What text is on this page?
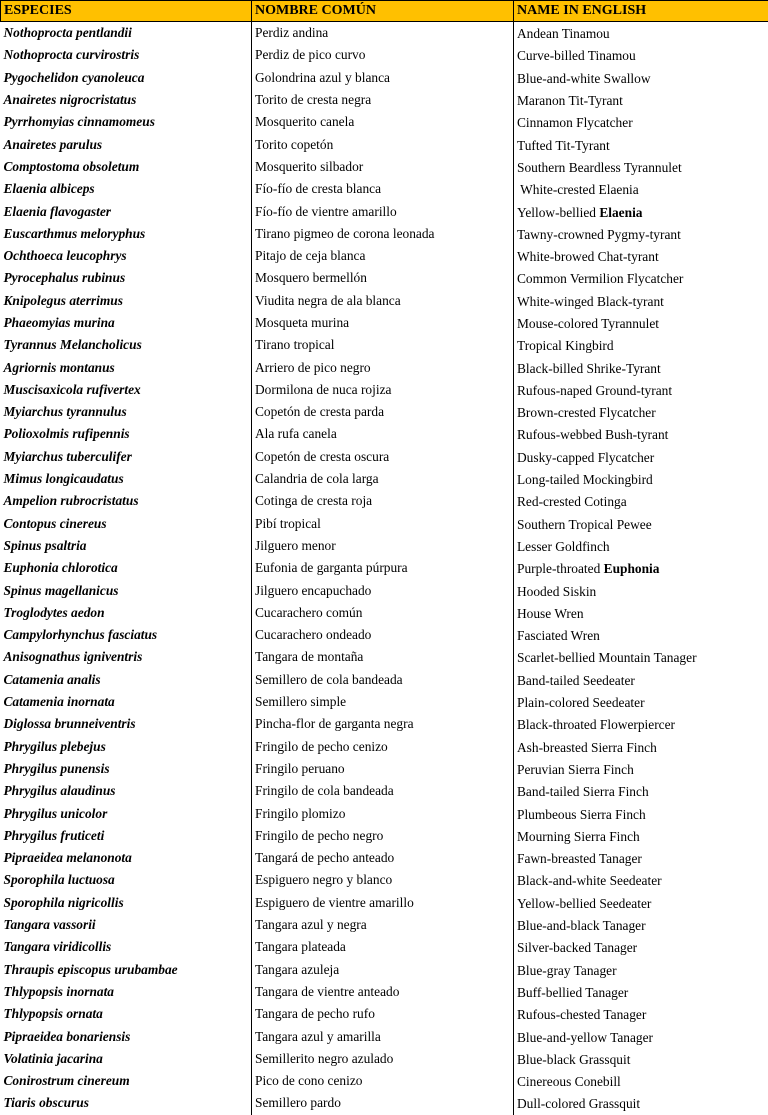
ESPECIES	NOMBRE COMÚN	NAME IN ENGLISH
Nothoprocta pentlandii	Perdiz andina	Andean Tinamou
Nothoprocta curvirostris	Perdiz de pico curvo	Curve-billed Tinamou
Pygochelidon cyanoleuca	Golondrina azul y blanca	Blue-and-white Swallow
Anairetes nigrocristatus	Torito de cresta negra	Maranon Tit-Tyrant
Pyrrhomyias cinnamomeus	Mosquerito canela	Cinnamon Flycatcher
Anairetes parulus	Torito copetón	Tufted Tit-Tyrant
Comptostoma obsoletum	Mosquerito silbador	Southern Beardless Tyrannulet
Elaenia albiceps	Fío-fío de cresta blanca	White-crested Elaenia
Elaenia flavogaster	Fío-fío de vientre amarillo	Yellow-bellied Elaenia
Euscarthmus meloryphus	Tirano pigmeo de corona leonada	Tawny-crowned Pygmy-tyrant
Ochthoeca leucophrys	Pitajo de ceja blanca	White-browed Chat-tyrant
Pyrocephalus rubinus	Mosquero bermellón	Common Vermilion Flycatcher
Knipolegus aterrimus	Viudita negra de ala blanca	White-winged Black-tyrant
Phaeomyias murina	Mosqueta murina	Mouse-colored Tyrannulet
Tyrannus Melancholicus	Tirano tropical	Tropical Kingbird
Agriornis montanus	Arriero de pico negro	Black-billed Shrike-Tyrant
Muscisaxicola rufivertex	Dormilona de nuca rojiza	Rufous-naped Ground-tyrant
Myiarchus tyrannulus	Copetón de cresta parda	Brown-crested Flycatcher
Polioxolmis rufipennis	Ala rufa canela	Rufous-webbed Bush-tyrant
Myiarchus tuberculifer	Copetón de cresta oscura	Dusky-capped Flycatcher
Mimus longicaudatus	Calandria de cola larga	Long-tailed Mockingbird
Ampelion rubrocristatus	Cotinga de cresta roja	Red-crested Cotinga
Contopus cinereus	Pibí tropical	Southern Tropical Pewee
Spinus psaltria	Jilguero menor	Lesser Goldfinch
Euphonia chlorotica	Eufonia de garganta púrpura	Purple-throated Euphonia
Spinus magellanicus	Jilguero encapuchado	Hooded Siskin
Troglodytes aedon	Cucarachero común	House Wren
Campylorhynchus fasciatus	Cucarachero ondeado	Fasciated Wren
Anisognathus igniventris	Tangara de montaña	Scarlet-bellied Mountain Tanager
Catamenia analis	Semillero de cola bandeada	Band-tailed Seedeater
Catamenia inornata	Semillero simple	Plain-colored Seedeater
Diglossa brunneiventris	Pincha-flor de garganta negra	Black-throated Flowerpiercer
Phrygilus plebejus	Fringilo de pecho cenizo	Ash-breasted Sierra Finch
Phrygilus punensis	Fringilo peruano	Peruvian Sierra Finch
Phrygilus alaudinus	Fringilo de cola bandeada	Band-tailed Sierra Finch
Phrygilus unicolor	Fringilo plomizo	Plumbeous Sierra Finch
Phrygilus fruticeti	Fringilo de pecho negro	Mourning Sierra Finch
Pipraeidea melanonota	Tangará de pecho anteado	Fawn-breasted Tanager
Sporophila luctuosa	Espiguero negro y blanco	Black-and-white Seedeater
Sporophila nigricollis	Espiguero de vientre amarillo	Yellow-bellied Seedeater
Tangara vassorii	Tangara azul y negra	Blue-and-black Tanager
Tangara viridicollis	Tangara plateada	Silver-backed Tanager
Thraupis episcopus urubambae	Tangara azuleja	Blue-gray Tanager
Thlypopsis inornata	Tangara de vientre anteado	Buff-bellied Tanager
Thlypopsis ornata	Tangara de pecho rufo	Rufous-chested Tanager
Pipraeidea bonariensis	Tangara azul y amarilla	Blue-and-yellow Tanager
Volatinia jacarina	Semillerito negro azulado	Blue-black Grassquit
Conirostrum cinereum	Pico de cono cenizo	Cinereous Conebill
Tiaris obscurus	Semillero pardo	Dull-colored Grassquit
